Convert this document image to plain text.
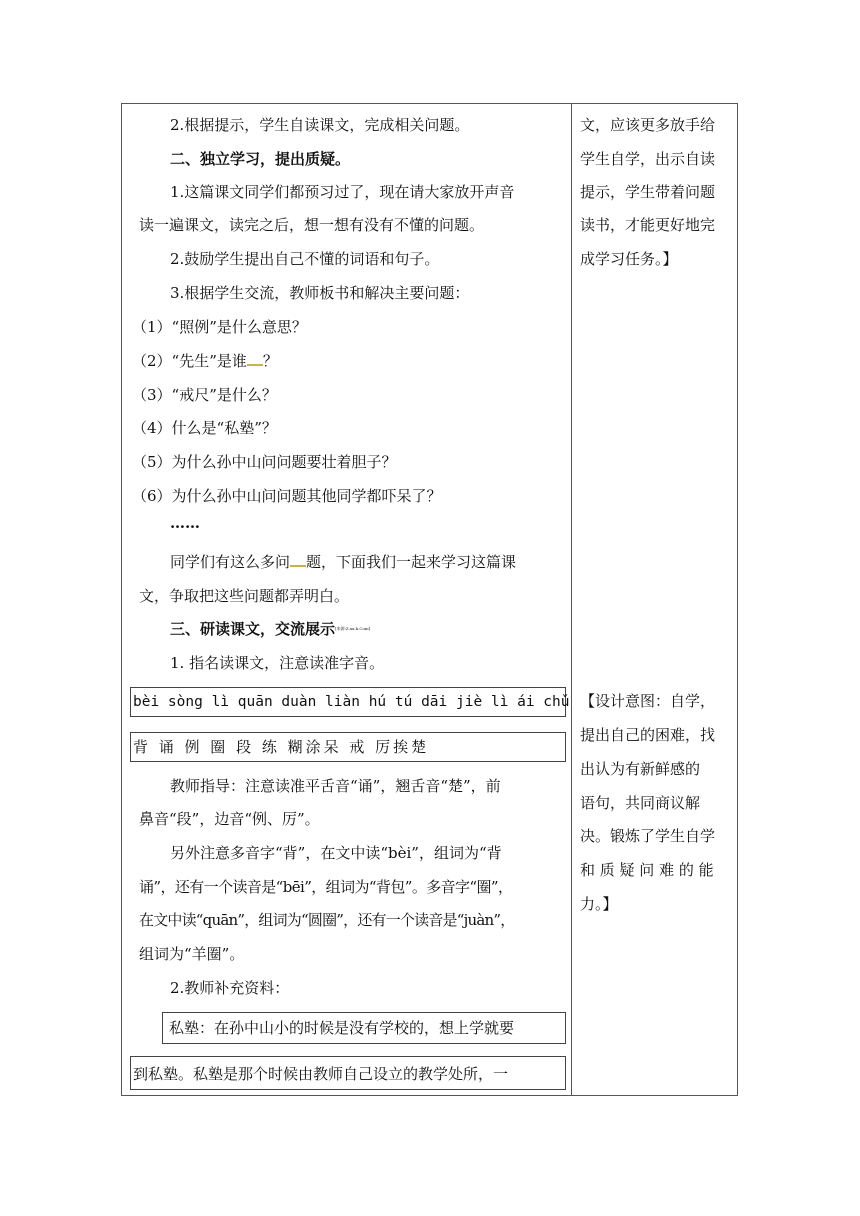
2.根据提示，学生自读课文，完成相关问题。
二、独立学习，提出质疑。
1.这篇课文同学们都预习过了，现在请大家放开声音
读一遍课文，读完之后，想一想有没有不懂的问题。
2.鼓励学生提出自己不懂的词语和句子。
3.根据学生交流，教师板书和解决主要问题：
（1）“照例”是什么意思？
（2）“先生”是谁 ？
（3）“戒尺”是什么？
（4）什么是“私塾”？
（5）为什么孙中山问问题要壮着胆子？
（6）为什么孙中山问问题其他同学都吓呆了？
……
同学们有这么多问 题，下面我们一起来学习这篇课
文，争取把这些问题都弄明白。
三、研读课文，交流展示[来源:Z.xx.k.Com]
1. 指名读课文，注意读准字音。
bèi sòng lì quān duàn liàn hú tú dāi jiè lì ái chǔ
背 诵 例 圈 段 练 糊涂呆 戒 厉挨楚
教师指导：注意读准平舌音“诵”，翘舌音“楚”，前
鼻音“段”，边音“例、厉”。
另外注意多音字“背”，在文中读“bèi”，组词为“背
诵”，还有一个读音是“bēi”，组词为“背包”。多音字“圈”，
在文中读“quān”，组词为“圆圈”，还有一个读音是“juàn”，
组词为“羊圈”。
2.教师补充资料：
私塾：在孙中山小的时候是没有学校的，想上学就要
到私塾。私塾是那个时候由教师自己设立的教学处所，一
文，应该更多放手给
学生自学，出示自读
提示，学生带着问题
读书，才能更好地完
成学习任务。】
【设计意图：自学，
提出自己的困难，找
出认为有新鲜感的
语句，共同商议解
决。锻炼了学生自学
和 质 疑 问 难 的 能
力。】
